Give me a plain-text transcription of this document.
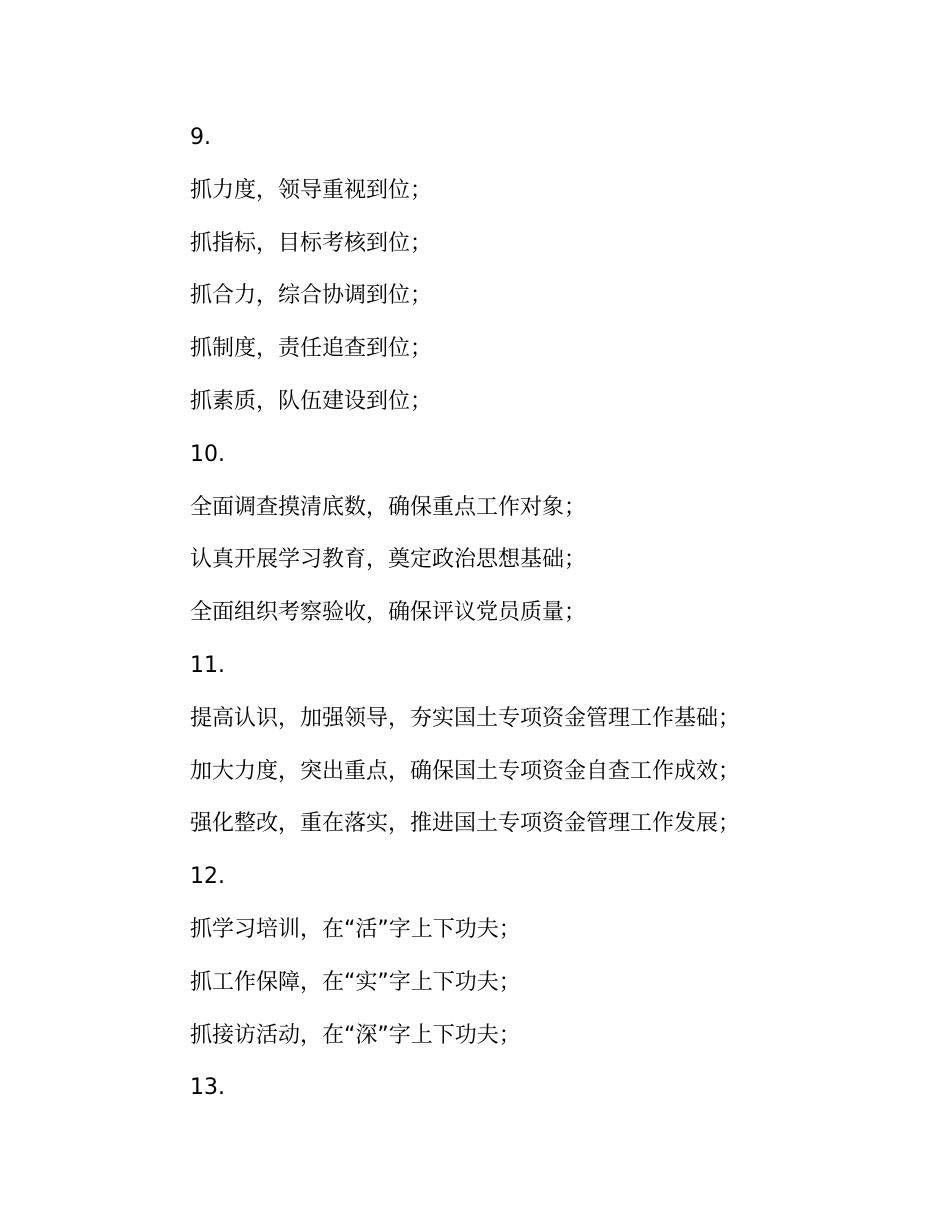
9.

抓力度，领导重视到位；

抓指标，目标考核到位；

抓合力，综合协调到位；

抓制度，责任追查到位；

抓素质，队伍建设到位；

10.

全面调查摸清底数，确保重点工作对象；

认真开展学习教育，奠定政治思想基础；

全面组织考察验收，确保评议党员质量；

11.

提高认识，加强领导，夯实国土专项资金管理工作基础；

加大力度，突出重点，确保国土专项资金自查工作成效；

强化整改，重在落实，推进国土专项资金管理工作发展；

12.

抓学习培训，在“活”字上下功夫；

抓工作保障，在“实”字上下功夫；

抓接访活动，在“深”字上下功夫；

13.
